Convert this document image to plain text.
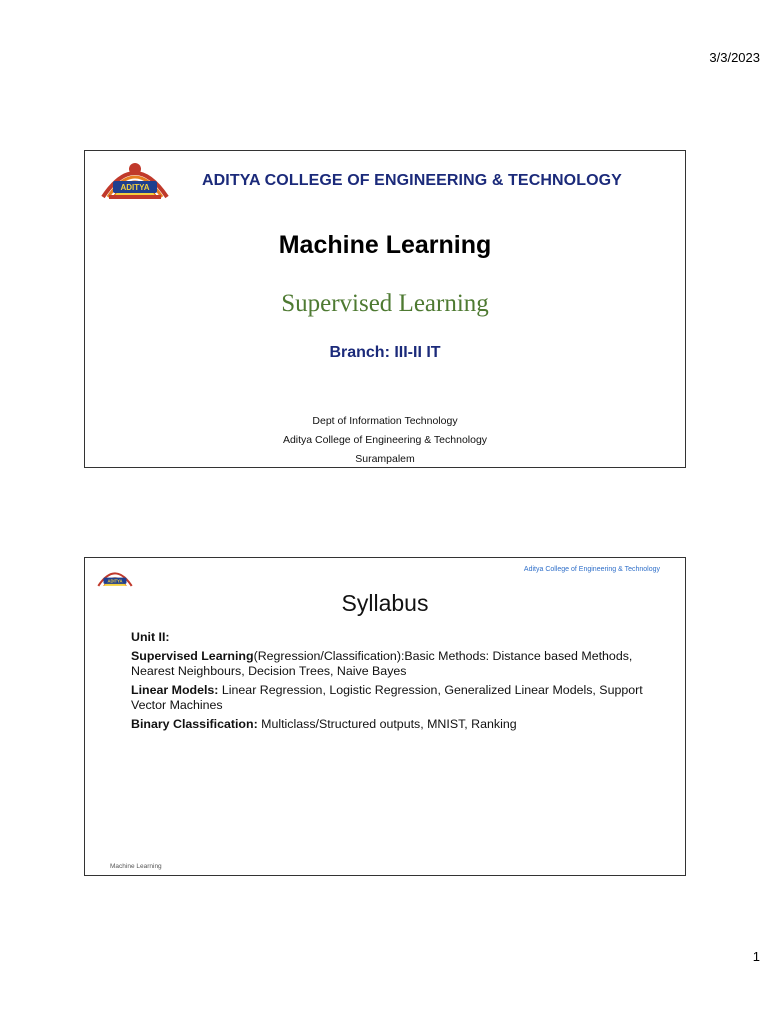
3/3/2023
ADITYA	ADITYA COLLEGE OF ENGINEERING & TECHNOLOGY
Machine Learning
Supervised Learning
Branch: III-II IT
Dept of Information Technology
Aditya College of Engineering & Technology
Surampalem
ADITYA
Aditya College of Engineering & Technology
Syllabus
Unit II:
Supervised Learning(Regression/Classification):Basic Methods: Distance based Methods, Nearest Neighbours, Decision Trees, Naive Bayes
Linear Models: Linear Regression, Logistic Regression, Generalized Linear Models, Support Vector Machines
Binary Classification: Multiclass/Structured outputs, MNIST, Ranking
Machine Learning
1
